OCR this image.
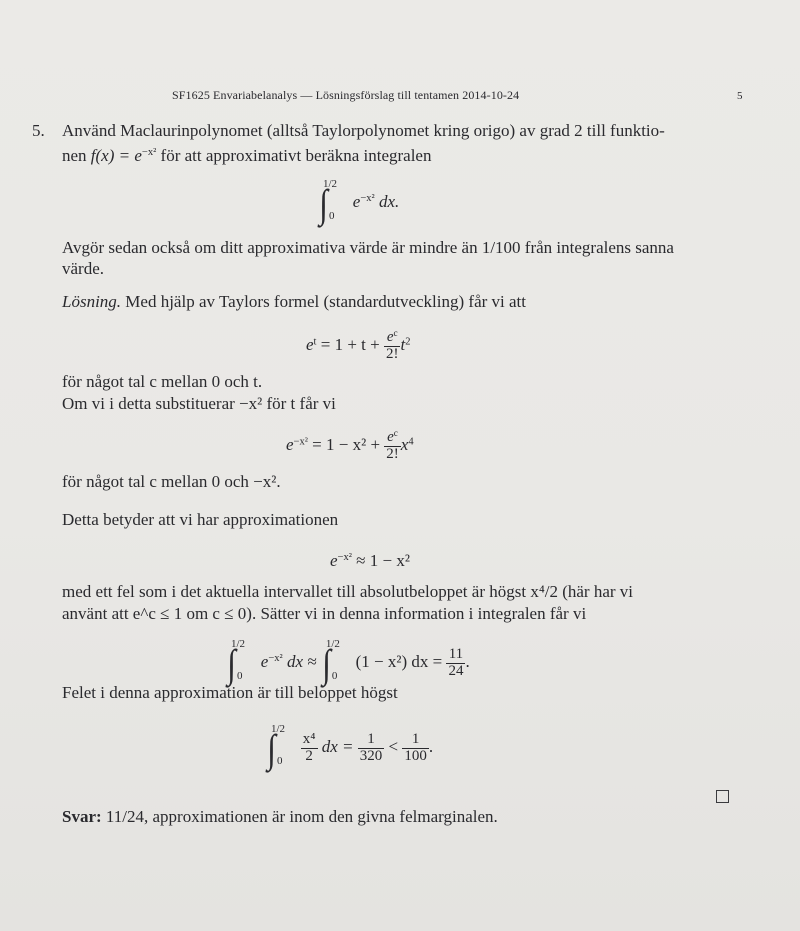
SF1625 Envariabelanalys — Lösningsförslag till tentamen 2014-10-24	5
5. Använd Maclaurinpolynomet (alltså Taylorpolynomet kring origo) av grad 2 till funktio-
nen $f(x) = e^{-x^2}$ för att approximativt beräkna integralen
∫$^{1/2}_0$ $e^{-x^2}$ dx.
Avgör sedan också om ditt approximativa värde är mindre än 1/100 från integralens sanna
värde.
Lösning. Med hjälp av Taylors formel (standardutveckling) får vi att
$e^t = 1 + t + \frac{e^c}{2!} t^2$
för något tal c mellan 0 och t.
Om vi i detta substituerar −x² för t får vi
$e^{-x^2} = 1 - x^2 + \frac{e^c}{2!} x^4$
för något tal c mellan 0 och −x².
Detta betyder att vi har approximationen
$e^{-x^2} \approx 1 - x^2$
med ett fel som i det aktuella intervallet till absolutbeloppet är högst x⁴/2 (här har vi
använt att e^c ≤ 1 om c ≤ 0). Sätter vi in denna information i integralen får vi
∫$^{1/2}_0$ $e^{-x^2}$ dx ≈ ∫$^{1/2}_0$ (1 − x²) dx = $\frac{11}{24}$ .
Felet i denna approximation är till beloppet högst
$\int^{1/2}_0 \frac{\text{x⁴}}{2}$ dx = $\frac{1}{320} < \frac{1}{100}$ .
Svar: 11/24, approximationen är inom den givna felmarginalen.
